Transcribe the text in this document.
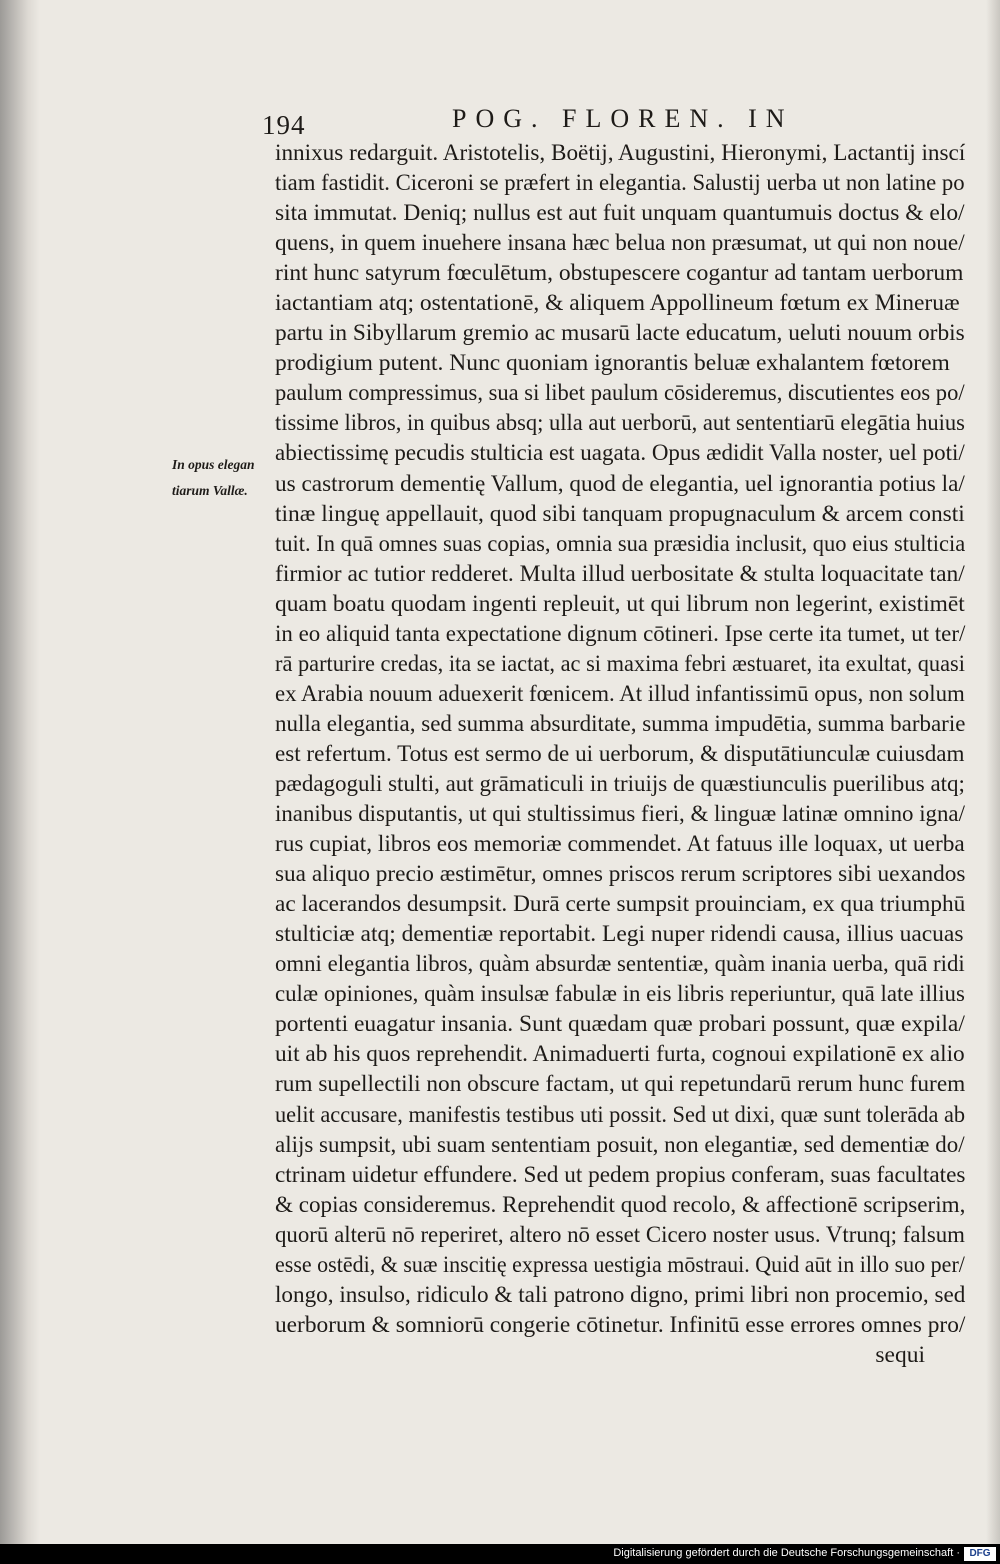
194	POG. FLOREN. IN
In opus elegan
tiarum Vallæ.
innixus redarguit. Aristotelis, Boëtij, Augustini, Hieronymi, Lactantij inscí
tiam fastidit. Ciceroni se præfert in elegantia. Salustij uerba ut non latine po
sita immutat. Deniq; nullus est aut fuit unquam quantumuis doctus & elo/
quens, in quem inuehere insana hæc belua non præsumat, ut qui non noue/
rint hunc satyrum fœculētum, obstupescere cogantur ad tantam uerborum
iactantiam atq; ostentationē, & aliquem Appollineum fœtum ex Mineruæ
partu in Sibyllarum gremio ac musarū lacte educatum, ueluti nouum orbis
prodigium putent. Nunc quoniam ignorantis beluæ exhalantem fœtorem
paulum compressimus, sua si libet paulum cōsideremus, discutientes eos po/
tissime libros, in quibus absq; ulla aut uerborū, aut sententiarū elegātia huius
abiectissimę pecudis stulticia est uagata. Opus ædidit Valla noster, uel poti/
us castrorum dementię Vallum, quod de elegantia, uel ignorantia potius la/
tinæ linguę appellauit, quod sibi tanquam propugnaculum & arcem consti
tuit. In quā omnes suas copias, omnia sua præsidia inclusit, quo eius stulticia
firmior ac tutior redderet. Multa illud uerbositate & stulta loquacitate tan/
quam boatu quodam ingenti repleuit, ut qui librum non legerint, existimēt
in eo aliquid tanta expectatione dignum cōtineri. Ipse certe ita tumet, ut ter/
rā parturire credas, ita se iactat, ac si maxima febri æstuaret, ita exultat, quasi
ex Arabia nouum aduexerit fœnicem. At illud infantissimū opus, non solum
nulla elegantia, sed summa absurditate, summa impudētia, summa barbarie
est refertum. Totus est sermo de ui uerborum, & disputātiunculæ cuiusdam
pædagoguli stulti, aut grāmaticuli in triuijs de quæstiunculis puerilibus atq;
inanibus disputantis, ut qui stultissimus fieri, & linguæ latinæ omnino igna/
rus cupiat, libros eos memoriæ commendet. At fatuus ille loquax, ut uerba
sua aliquo precio æstimētur, omnes priscos rerum scriptores sibi uexandos
ac lacerandos desumpsit. Durā certe sumpsit prouinciam, ex qua triumphū
stulticiæ atq; dementiæ reportabit. Legi nuper ridendi causa, illius uacuas
omni elegantia libros, quàm absurdæ sententiæ, quàm inania uerba, quā ridi
culæ opiniones, quàm insulsæ fabulæ in eis libris reperiuntur, quā late illius
portenti euagatur insania. Sunt quædam quæ probari possunt, quæ expila/
uit ab his quos reprehendit. Animaduerti furta, cognoui expilationē ex alio
rum supellectili non obscure factam, ut qui repetundarū rerum hunc furem
uelit accusare, manifestis testibus uti possit. Sed ut dixi, quæ sunt tolerāda ab
alijs sumpsit, ubi suam sententiam posuit, non elegantiæ, sed dementiæ do/
ctrinam uidetur effundere. Sed ut pedem propius conferam, suas facultates
& copias consideremus. Reprehendit quod recolo, & affectionē scripserim,
quorū alterū nō reperiret, altero nō esset Cicero noster usus. Vtrunq; falsum
esse ostēdi, & suæ inscitię expressa uestigia mōstraui. Quid aūt in illo suo per/
longo, insulso, ridiculo & tali patrono digno, primi libri non procemio, sed
uerborum & somniorū congerie cōtinetur. Infinitū esse errores omnes pro/
sequi
Digitalisierung gefördert durch die Deutsche Forschungsgemeinschaft · DFG
